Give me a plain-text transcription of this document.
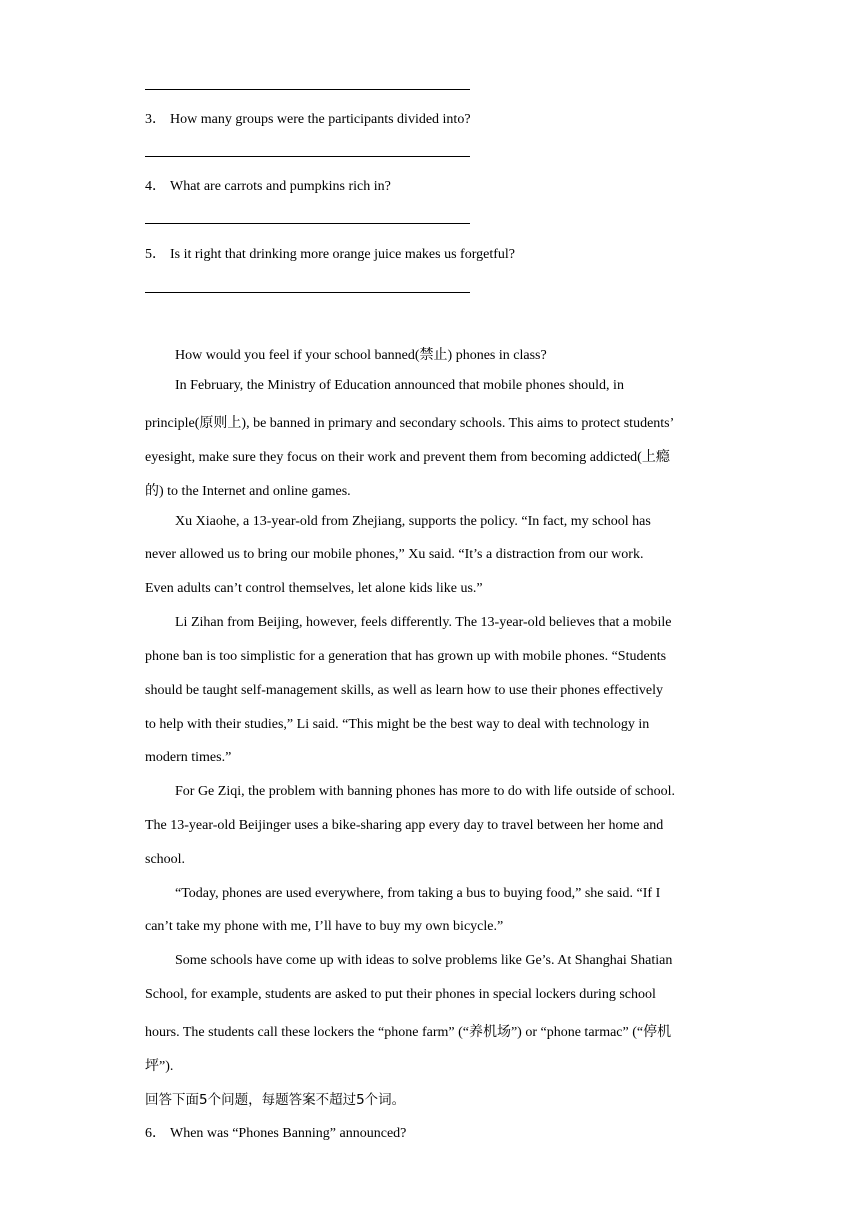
3． How many groups were the participants divided into?
4． What are carrots and pumpkins rich in?
5． Is it right that drinking more orange juice makes us forgetful?
How would you feel if your school banned(禁止) phones in class?
In February, the Ministry of Education announced that mobile phones should, in
principle(原则上), be banned in primary and secondary schools. This aims to protect students’
eyesight, make sure they focus on their work and prevent them from becoming addicted(上瘾
的) to the Internet and online games.
Xu Xiaohe, a 13-year-old from Zhejiang, supports the policy. “In fact, my school has
never allowed us to bring our mobile phones,” Xu said. “It’s a distraction from our work.
Even adults can’t control themselves, let alone kids like us.”
Li Zihan from Beijing, however, feels differently. The 13-year-old believes that a mobile
phone ban is too simplistic for a generation that has grown up with mobile phones. “Students
should be taught self-management skills, as well as learn how to use their phones effectively
to help with their studies,” Li said. “This might be the best way to deal with technology in
modern times.”
For Ge Ziqi, the problem with banning phones has more to do with life outside of school.
The 13-year-old Beijinger uses a bike-sharing app every day to travel between her home and
school.
“Today, phones are used everywhere, from taking a bus to buying food,” she said. “If I
can’t take my phone with me, I’ll have to buy my own bicycle.”
Some schools have come up with ideas to solve problems like Ge’s. At Shanghai Shatian
School, for example, students are asked to put their phones in special lockers during school
hours. The students call these lockers the “phone farm” (“养机场”) or “phone tarmac” (“停机
坪”).
回答下面5个问题，每题答案不超过5个词。
6． When was “Phones Banning” announced?
